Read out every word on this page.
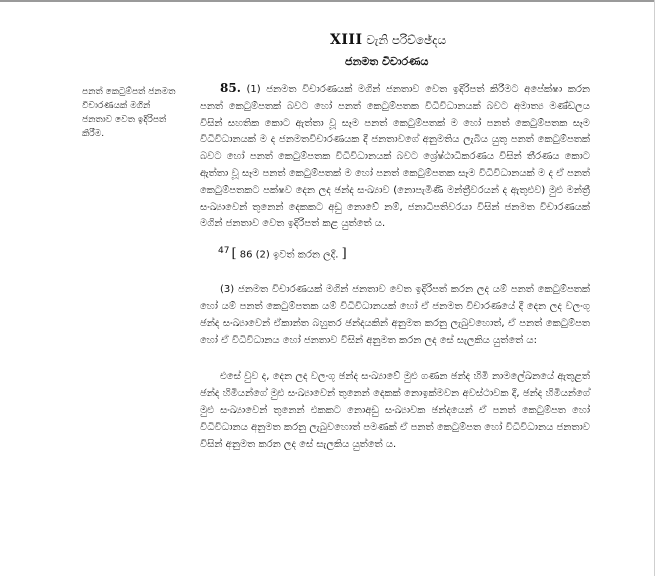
XIII වැනි පරිච්ඡේදය
ජනමත විචාරණය
පනත් කෙටුම්පත් ජනමත විචාරණයක් මගින් ජනතාව වෙත ඉදිරිපත් කිරීම.

85. (1) ජනමත විචාරණයක් මගින් ජනතාව වෙත ඉදිරිපත් කිරීමට අපේක්ෂා කරන පනත් කෙටුම්පතක් බවට හෝ පනත් කෙටුම්පතක විධිවිධානයක් බවට අමාත්‍ය මණ්ඩලය විසින් සහතික කොට ඇත්තා වූ සෑම පනත් කෙටුම්පතක් ම හෝ පනත් කෙටුම්පතක සෑම විධිවිධානයක් ම ද ජනමතවිචාරණයක දී ජනතාවගේ අනුමතිය ලැබිය යුතු පනත් කෙටුම්පතක් බවට හෝ පනත් කෙටුම්පතක විධිවිධානයක් බවට ශ්‍රේෂ්ඨාධිකරණය විසින් තීරණය කොට ඇත්තා වූ සෑම පනත් කෙටුම්පතක් ම හෝ පනත් කෙටුම්පතක සෑම විධිවිධානයක් ම ද ඒ පනත් කෙටුම්පතකට පක්ෂව දෙන ලද ඡන්ද සංඛ්‍යාව (නොපැමිණි මන්ත්‍රීවරයන් ද ඇතුළුව) මුළු මන්ත්‍රී සංඛ්‍යාවෙන් තුනෙන් දෙකකට අඩු නොවේ නම්, ජනාධිපතිවරයා විසින් ජනමත විචාරණයක් මගින් ජනතාව වෙත ඉදිරිපත් කළ යුත්තේ ය.

$^{47}$ [ 86 (2) ඉවත් කරන ලදී. ]

(3) ජනමත විචාරණයක් මගින් ජනතාව වෙත ඉදිරිපත් කරන ලද යම් පනත් කෙටුම්පතක් හෝ යම් පනත් කෙටුම්පතක යම් විධිවිධානයක් හෝ ඒ ජනමත විචාරණයේ දී දෙන ලද වලංගු ඡන්ද සංඛ්‍යාවෙන් ඒකාන්ත බහුතර ඡන්දයකින් අනුමත කරනු ලැබුවහොත්, ඒ පනත් කෙටුම්පත හෝ ඒ විධිවිධානය හෝ ජනතාව විසින් අනුමත කරන ලද සේ සැලකිය යුත්තේ ය:

එසේ වුව ද, දෙන ලද වලංගු ඡන්ද සංඛ්‍යාවේ මුළු ගණන ඡන්ද හිමි නාමලේඛනයේ ඇතුළත් ඡන්ද හිමියන්ගේ මුළු සංඛ්‍යාවෙන් තුනෙන් දෙකක් නොඉක්මවන අවස්ථාවක දී, ඡන්ද හිමියන්ගේ මුළු සංඛ්‍යාවෙන් තුනෙන් එකකට නොඅඩු සංඛ්‍යාවක ඡන්දයෙන් ඒ පනත් කෙටුම්පත හෝ විධිවිධානය අනුමත කරනු ලැබුවහොත් පමණක් ඒ පනත් කෙටුම්පත හෝ විධිවිධානය ජනතාව විසින් අනුමත කරන ලද සේ සැලකිය යුත්තේ ය.
